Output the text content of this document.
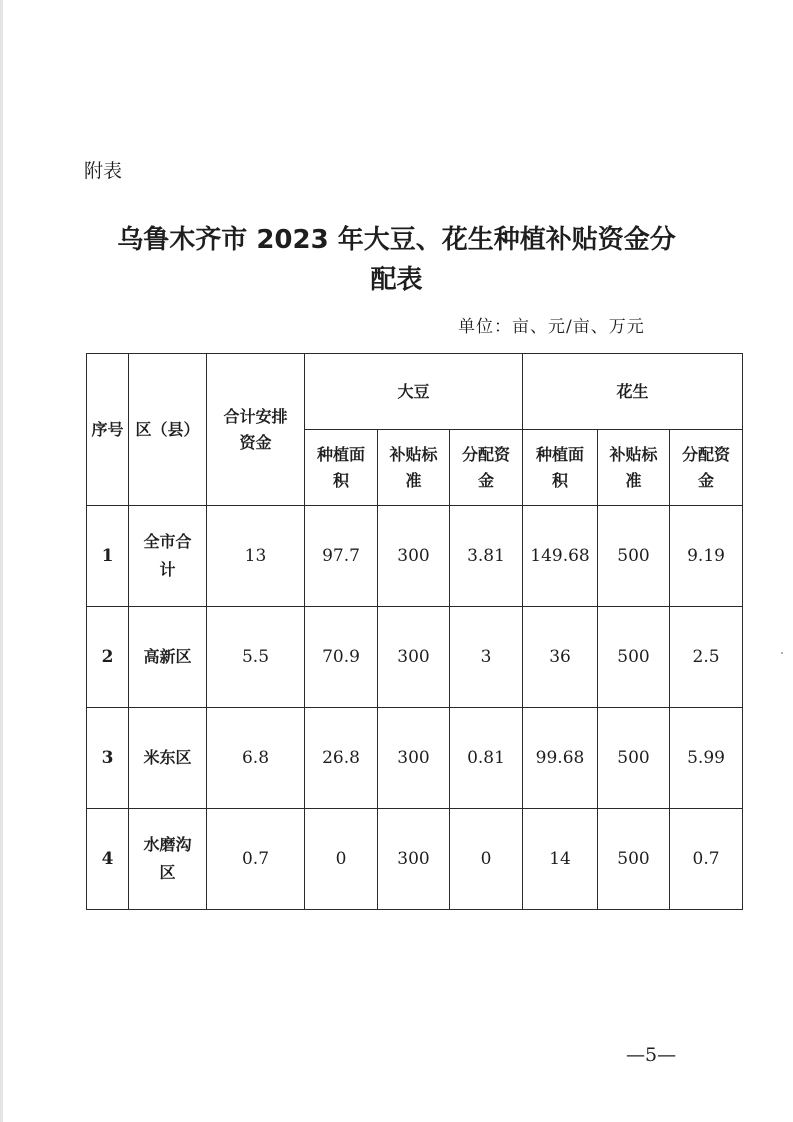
附表
乌鲁木齐市 2023 年大豆、花生种植补贴资金分
配表
单位：亩、元/亩、万元
序号	区（县）	合计安排资金	大豆			花生		
			种植面积	补贴标准	分配资金	种植面积	补贴标准	分配资金
1	全市合计	13	97.7	300	3.81	149.68	500	9.19
2	高新区	5.5	70.9	300	3	36	500	2.5
3	米东区	6.8	26.8	300	0.81	99.68	500	5.99
4	水磨沟区	0.7	0	300	0	14	500	0.7
—5—
